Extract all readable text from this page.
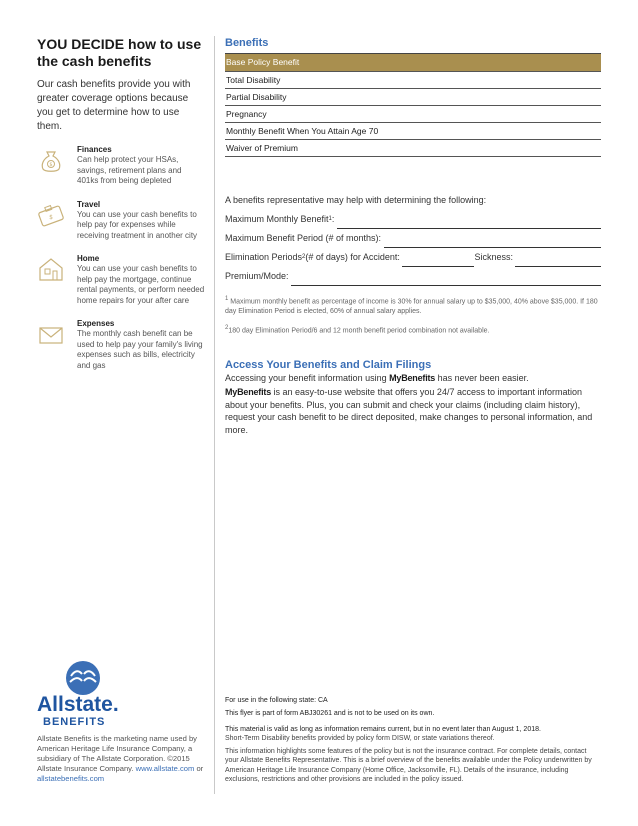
YOU DECIDE how to use the cash benefits

Our cash benefits provide you with greater coverage options because you get to determine how to use them.

$
Finances
Can help protect your HSAs, savings, retirement plans and 401ks from being depleted
$
Travel
You can use your cash benefits to help pay for expenses while receiving treatment in another city
Home
You can use your cash benefits to help pay the mortgage, continue rental payments, or perform needed home repairs for your after care
Expenses
The monthly cash benefit can be used to help pay your family's living expenses such as bills, electricity and gas
Allstate.
BENEFITS
Allstate Benefits is the marketing name used by American Heritage Life Insurance Company, a subsidiary of The Allstate Corporation. ©2015 Allstate Insurance Company. www.allstate.com or
allstatebenefits.com
Benefits
Base Policy Benefit
Total Disability
Partial Disability
Pregnancy
Monthly Benefit When You Attain Age 70
Waiver of Premium
A benefits representative may help with determining the following:
Maximum Monthly Benefit 1 :
Maximum Benefit Period (# of months):

Elimination Periods 2 (# of days) for Accident:
	Sickness:

Premium/Mode:

$^1$ Maximum monthly benefit as percentage of income is 30% for annual salary up to $35,000, 40% above $35,000. If 180 day Elimination Period is elected, 60% of annual salary applies.
$^2$180 day Elimination Period/6 and 12 month benefit period combination not available.
Access Your Benefits and Claim Filings

Accessing your benefit information using MyBenefits has never been easier.

MyBenefits is an easy-to-use website that offers you 24/7 access to important information about your benefits. Plus, you can submit and check your claims (including claim history), request your cash benefit to be direct deposited, make changes to personal information, and more.

For use in the following state: CA

This flyer is part of form ABJ30261 and is not to be used on its own.

This material is valid as long as information remains current, but in no event later than August 1, 2018.

Short-Term Disability benefits provided by policy form DISW, or state variations thereof.

This information highlights some features of the policy but is not the insurance contract. For complete details, contact your Allstate Benefits Representative. This is a brief overview of the benefits available under the Policy underwritten by American Heritage Life Insurance Company (Home Office, Jacksonville, FL). Details of the insurance, including exclusions, restrictions and other provisions are included in the policy issued.
